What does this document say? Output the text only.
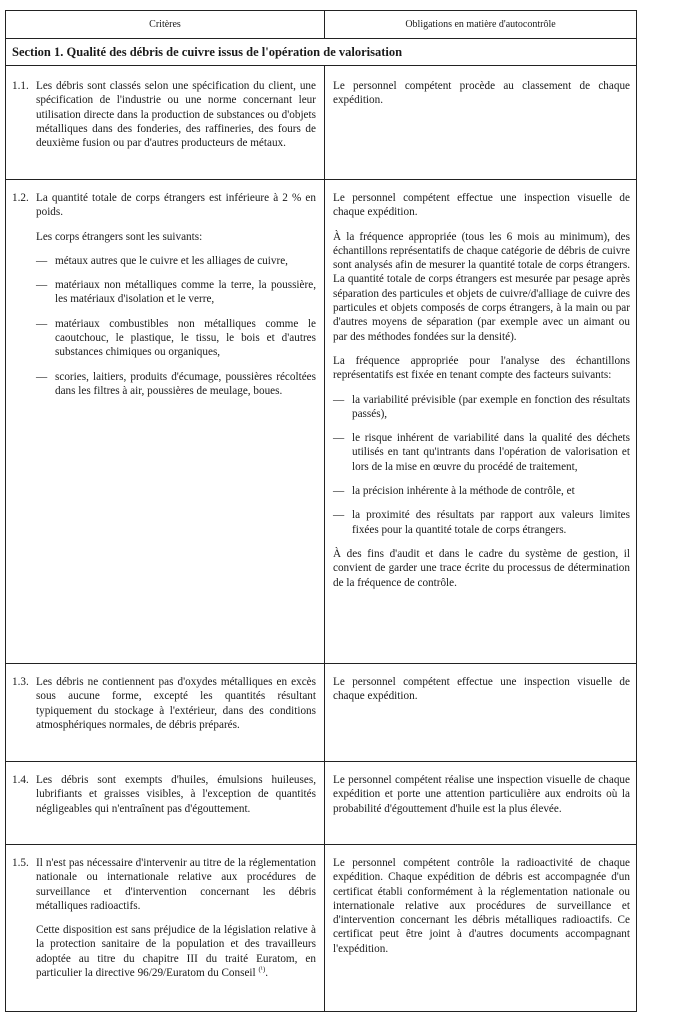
Critères	Obligations en matière d'autocontrôle
Section 1. Qualité des débris de cuivre issus de l'opération de valorisation
1.1. Les débris sont classés selon une spécification du client, une spécification de l'industrie ou une norme concernant leur utilisation directe dans la production de substances ou d'objets métalliques dans des fonderies, des raffineries, des fours de deuxième fusion ou par d'autres producteurs de métaux.

Le personnel compétent procède au classement de chaque expédition.

1.2. La quantité totale de corps étrangers est inférieure à 2 % en poids.

Les corps étrangers sont les suivants:

— métaux autres que le cuivre et les alliages de cuivre,
— matériaux non métalliques comme la terre, la poussière, les matériaux d'isolation et le verre,
— matériaux combustibles non métalliques comme le caoutchouc, le plastique, le tissu, le bois et d'autres substances chimiques ou organiques,
— scories, laitiers, produits d'écumage, poussières récoltées dans les filtres à air, poussières de meulage, boues.

Le personnel compétent effectue une inspection visuelle de chaque expédition.

À la fréquence appropriée (tous les 6 mois au minimum), des échantillons représentatifs de chaque catégorie de débris de cuivre sont analysés afin de mesurer la quantité totale de corps étrangers. La quantité totale de corps étrangers est mesurée par pesage après séparation des particules et objets de cuivre/d'alliage de cuivre des particules et objets composés de corps étrangers, à la main ou par d'autres moyens de séparation (par exemple avec un aimant ou par des méthodes fondées sur la densité).

La fréquence appropriée pour l'analyse des échantillons représentatifs est fixée en tenant compte des facteurs suivants:

— la variabilité prévisible (par exemple en fonction des résultats passés),
— le risque inhérent de variabilité dans la qualité des déchets utilisés en tant qu'intrants dans l'opération de valorisation et lors de la mise en œuvre du procédé de traitement,
— la précision inhérente à la méthode de contrôle, et
— la proximité des résultats par rapport aux valeurs limites fixées pour la quantité totale de corps étrangers.

À des fins d'audit et dans le cadre du système de gestion, il convient de garder une trace écrite du processus de détermination de la fréquence de contrôle.

1.3. Les débris ne contiennent pas d'oxydes métalliques en excès sous aucune forme, excepté les quantités résultant typiquement du stockage à l'extérieur, dans des conditions atmosphériques normales, de débris préparés.

Le personnel compétent effectue une inspection visuelle de chaque expédition.

1.4. Les débris sont exempts d'huiles, émulsions huileuses, lubrifiants et graisses visibles, à l'exception de quantités négligeables qui n'entraînent pas d'égouttement.

Le personnel compétent réalise une inspection visuelle de chaque expédition et porte une attention particulière aux endroits où la probabilité d'égouttement d'huile est la plus élevée.

1.5. Il n'est pas nécessaire d'intervenir au titre de la réglementation nationale ou internationale relative aux procédures de surveillance et d'intervention concernant les débris métalliques radioactifs.

Cette disposition est sans préjudice de la législation relative à la protection sanitaire de la population et des travailleurs adoptée au titre du chapitre III du traité Euratom, en particulier la directive 96/29/Euratom du Conseil $^{(^1)}$.

Le personnel compétent contrôle la radioactivité de chaque expédition. Chaque expédition de débris est accompagnée d'un certificat établi conformément à la réglementation nationale ou internationale relative aux procédures de surveillance et d'intervention concernant les débris métalliques radioactifs. Ce certificat peut être joint à d'autres documents accompagnant l'expédition.
